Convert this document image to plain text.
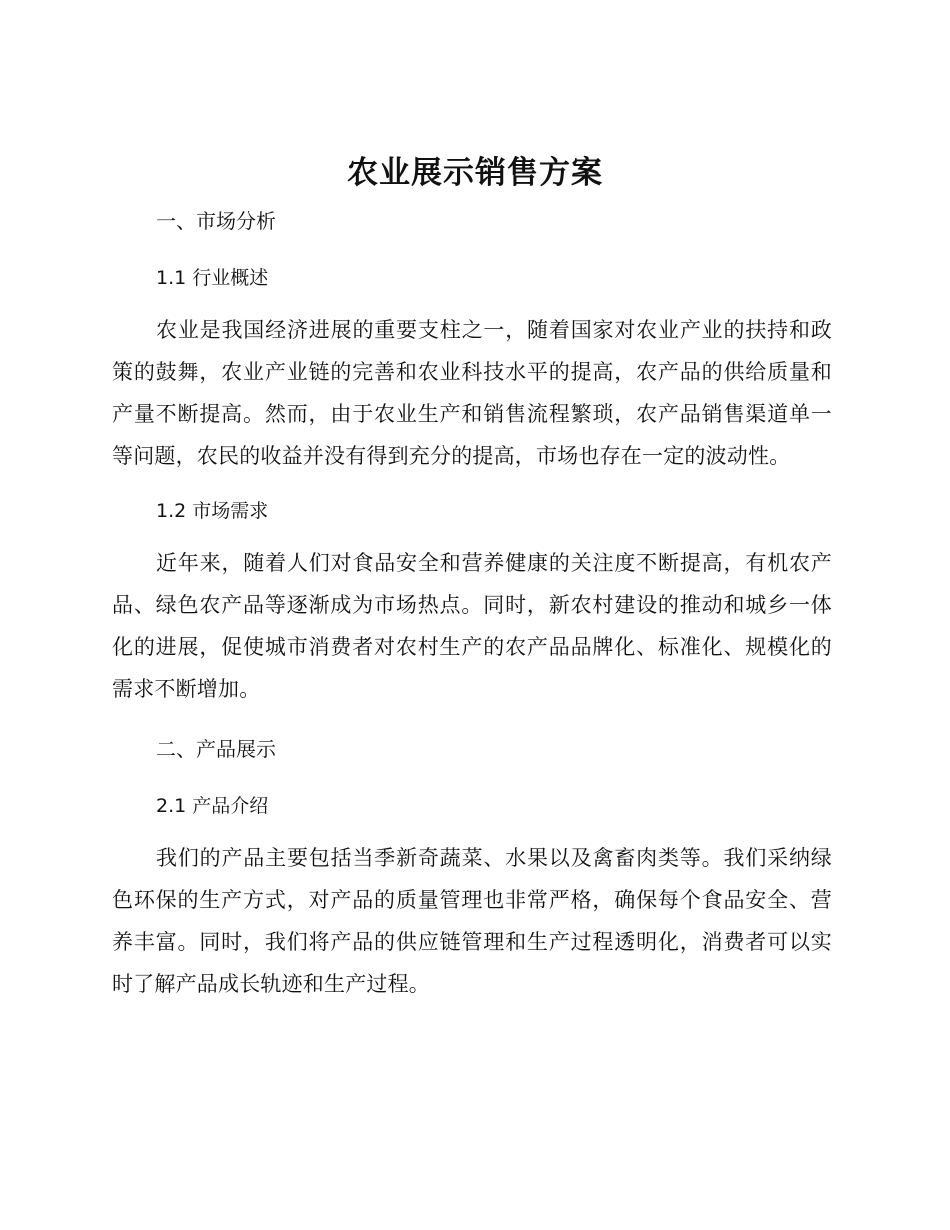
农业展示销售方案
一、市场分析
1.1 行业概述

农业是我国经济进展的重要支柱之一，随着国家对农业产业的扶持和政策的鼓舞，农业产业链的完善和农业科技水平的提高，农产品的供给质量和产量不断提高。然而，由于农业生产和销售流程繁琐，农产品销售渠道单一等问题，农民的收益并没有得到充分的提高，市场也存在一定的波动性。

1.2 市场需求

近年来，随着人们对食品安全和营养健康的关注度不断提高，有机农产品、绿色农产品等逐渐成为市场热点。同时，新农村建设的推动和城乡一体化的进展，促使城市消费者对农村生产的农产品品牌化、标准化、规模化的需求不断增加。

二、产品展示
2.1 产品介绍

我们的产品主要包括当季新奇蔬菜、水果以及禽畜肉类等。我们采纳绿色环保的生产方式，对产品的质量管理也非常严格，确保每个食品安全、营养丰富。同时，我们将产品的供应链管理和生产过程透明化，消费者可以实时了解产品成长轨迹和生产过程。
